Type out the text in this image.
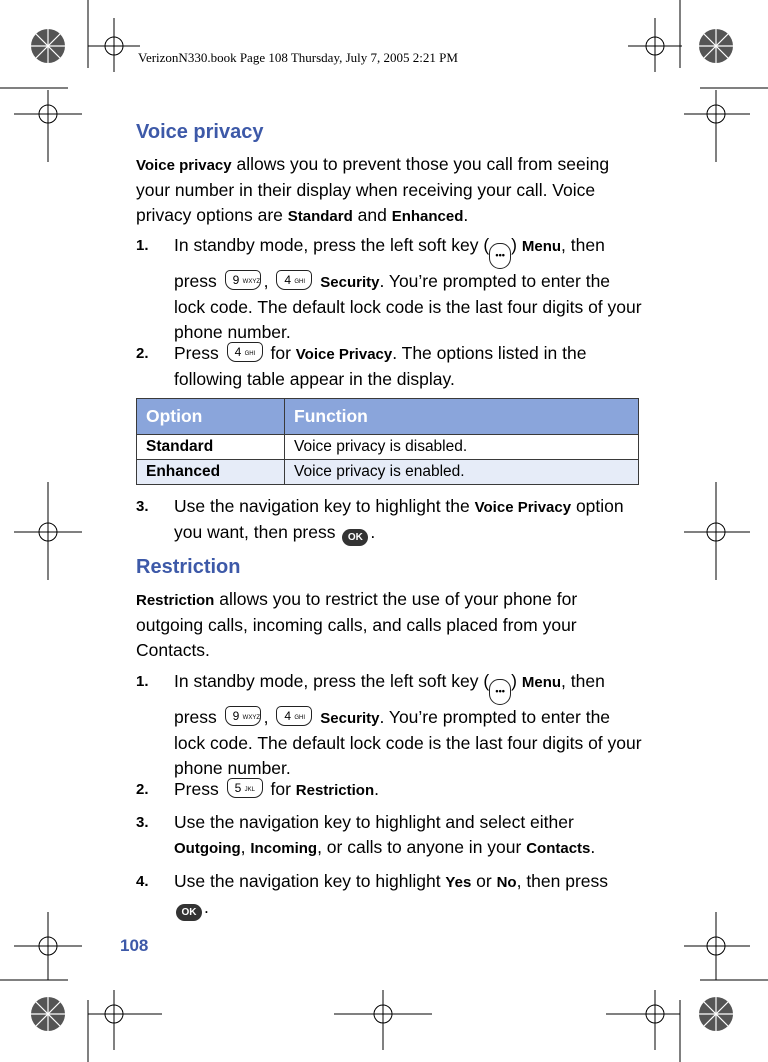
VerizonN330.book Page 108 Thursday, July 7, 2005 2:21 PM
Voice privacy

Voice privacy allows you to prevent those you call from seeing your number in their display when receiving your call. Voice privacy options are Standard and Enhanced.

1. In standby mode, press the left soft key ( ••• ) Menu, then press 9 WXYZ , 4 GHI Security. You’re prompted to enter the lock code. The default lock code is the last four digits of your phone number.
2. Press 4 GHI for Voice Privacy. The options listed in the following table appear in the display.
Option	Function
Standard	Voice privacy is disabled.
Enhanced	Voice privacy is enabled.
3. Use the navigation key to highlight the Voice Privacy option you want, then press OK .
Restriction

Restriction allows you to restrict the use of your phone for outgoing calls, incoming calls, and calls placed from your Contacts.

1. In standby mode, press the left soft key ( ••• ) Menu, then press 9 WXYZ , 4 GHI Security. You’re prompted to enter the lock code. The default lock code is the last four digits of your phone number.
2. Press 5 JKL for Restriction.
3. Use the navigation key to highlight and select either Outgoing, Incoming, or calls to anyone in your Contacts.
4. Use the navigation key to highlight Yes or No, then press OK .
108
